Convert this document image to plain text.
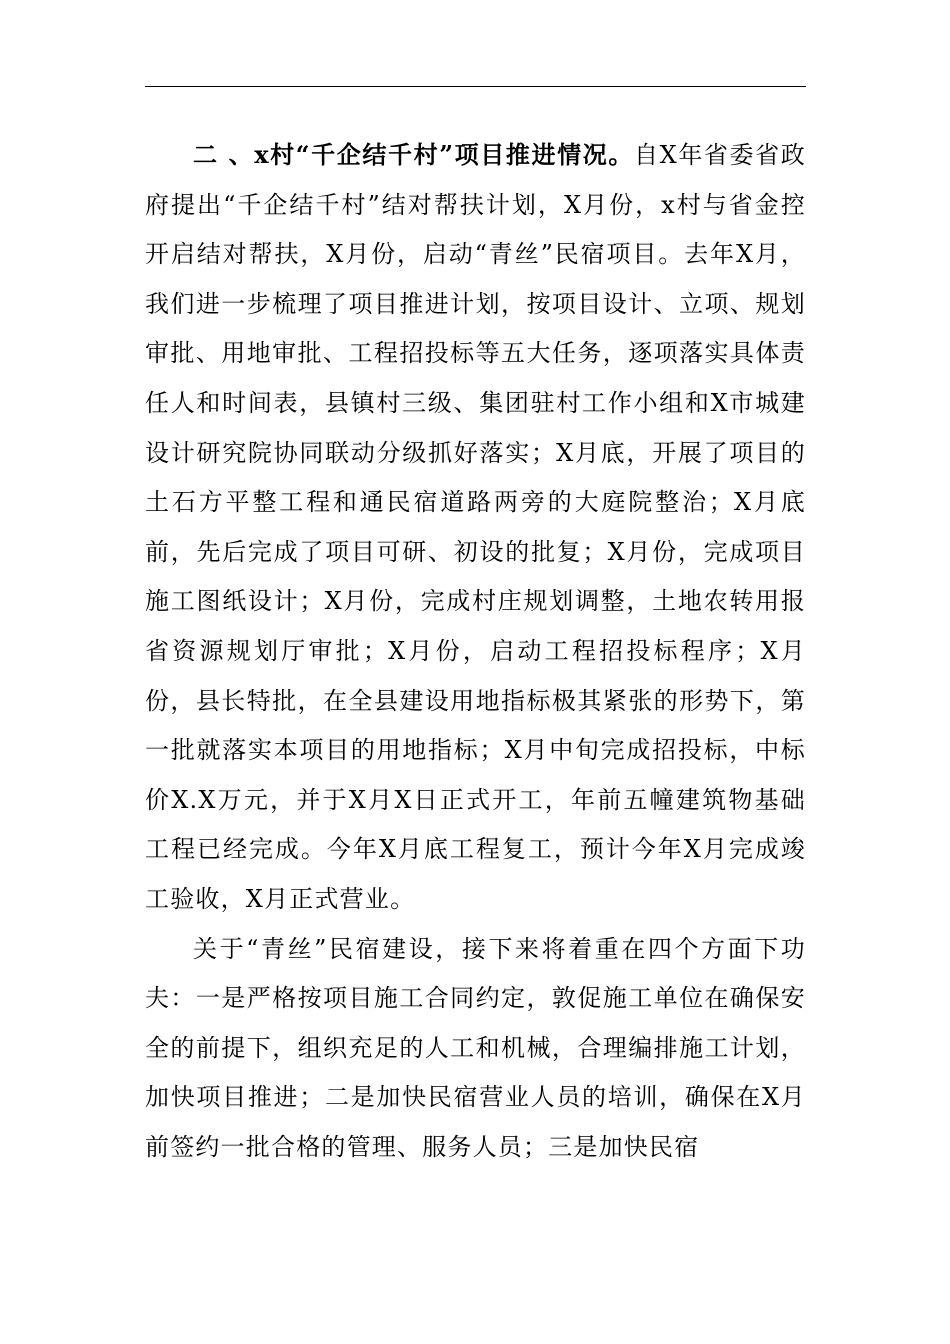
二 、x村“千企结千村”项目推进情况。自X年省委省政府提出“千企结千村”结对帮扶计划，X月份，x村与省金控开启结对帮扶，X月份，启动“青丝”民宿项目。去年X月，我们进一步梳理了项目推进计划，按项目设计、立项、规划审批、用地审批、工程招投标等五大任务，逐项落实具体责任人和时间表，县镇村三级、集团驻村工作小组和X市城建设计研究院协同联动分级抓好落实；X月底，开展了项目的土石方平整工程和通民宿道路两旁的大庭院整治；X月底前，先后完成了项目可研、初设的批复；X月份，完成项目施工图纸设计；X月份，完成村庄规划调整，土地农转用报省资源规划厅审批；X月份，启动工程招投标程序；X月份，县长特批，在全县建设用地指标极其紧张的形势下，第一批就落实本项目的用地指标；X月中旬完成招投标，中标价X.X万元，并于X月X日正式开工，年前五幢建筑物基础工程已经完成。今年X月底工程复工，预计今年X月完成竣工验收，X月正式营业。

关于“青丝”民宿建设，接下来将着重在四个方面下功夫：一是严格按项目施工合同约定，敦促施工单位在确保安全的前提下，组织充足的人工和机械，合理编排施工计划，加快项目推进；二是加快民宿营业人员的培训，确保在X月前签约一批合格的管理、服务人员；三是加快民宿
